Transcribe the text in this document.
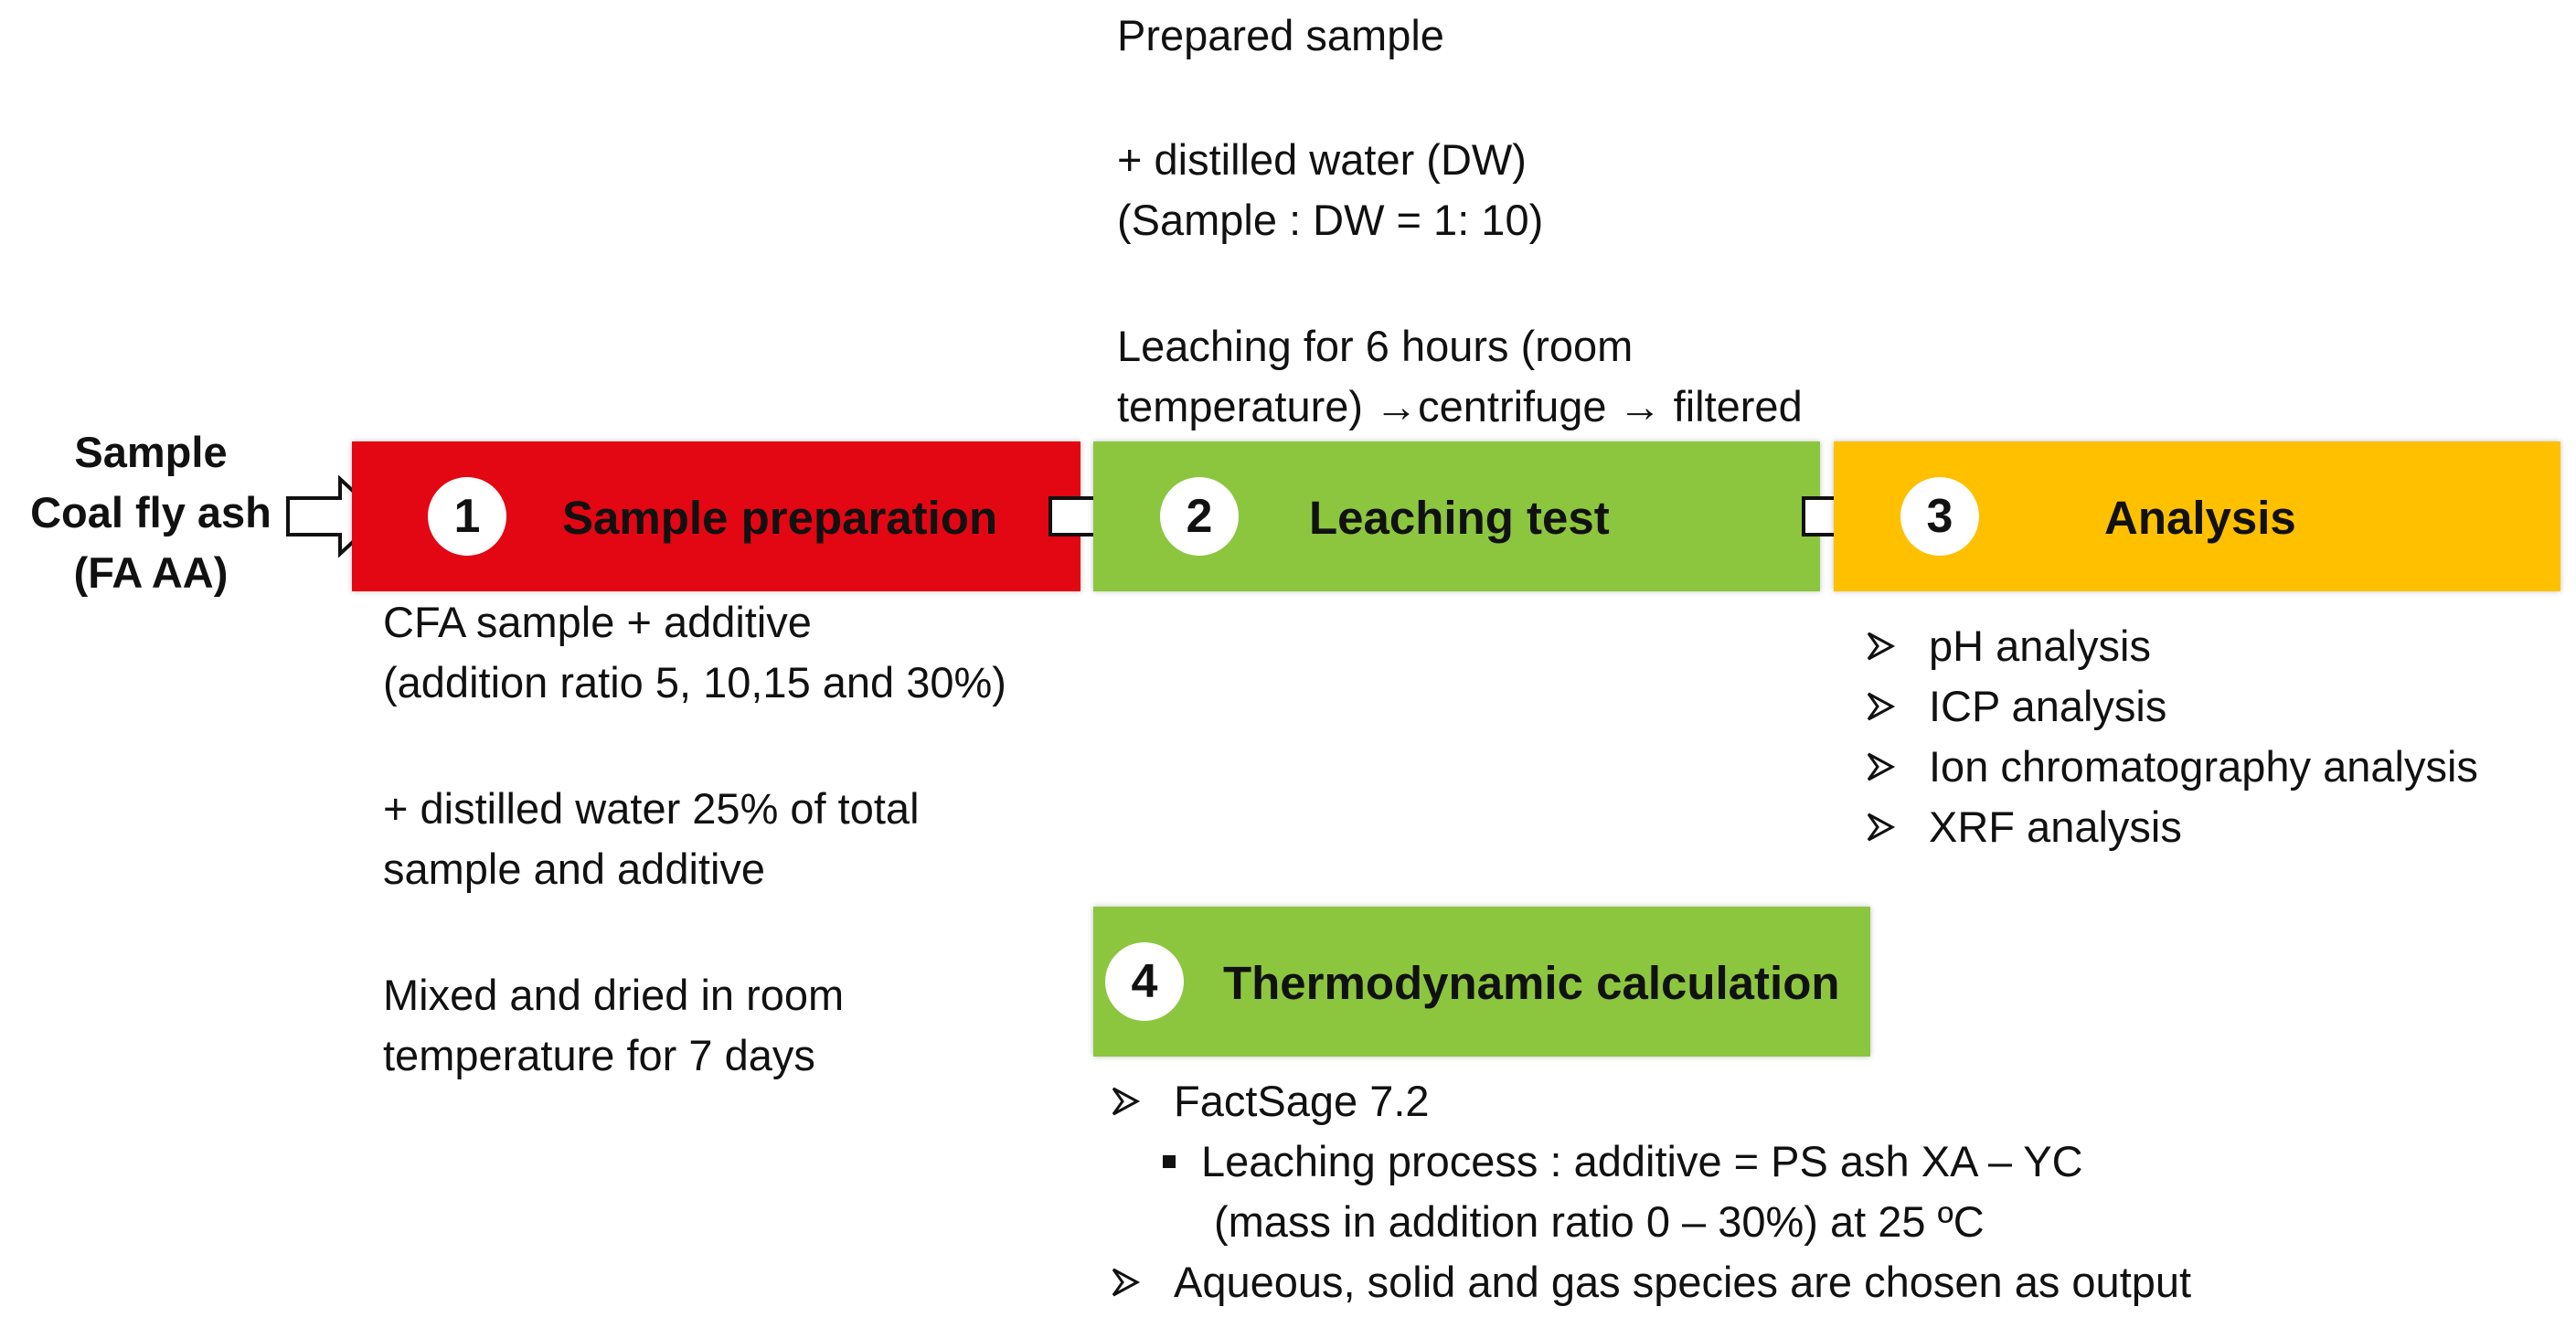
Sample
Coal fly ash
(FA AA)
Prepared sample
+ distilled water (DW)
(Sample : DW = 1: 10)
Leaching for 6 hours (room
temperature) →centrifuge → filtered
1	Sample preparation	2	Leaching test	3	Analysis
CFA sample + additive
(addition ratio 5, 10,15 and 30%)
+ distilled water 25% of total
sample and additive
Mixed and dried in room
temperature for 7 days
pH analysis
ICP analysis
Ion chromatography analysis
XRF analysis
4	Thermodynamic calculation
FactSage 7.2
Leaching process : additive = PS ash XA – YC
(mass in addition ratio 0 – 30%) at 25 ºC
Aqueous, solid and gas species are chosen as output
